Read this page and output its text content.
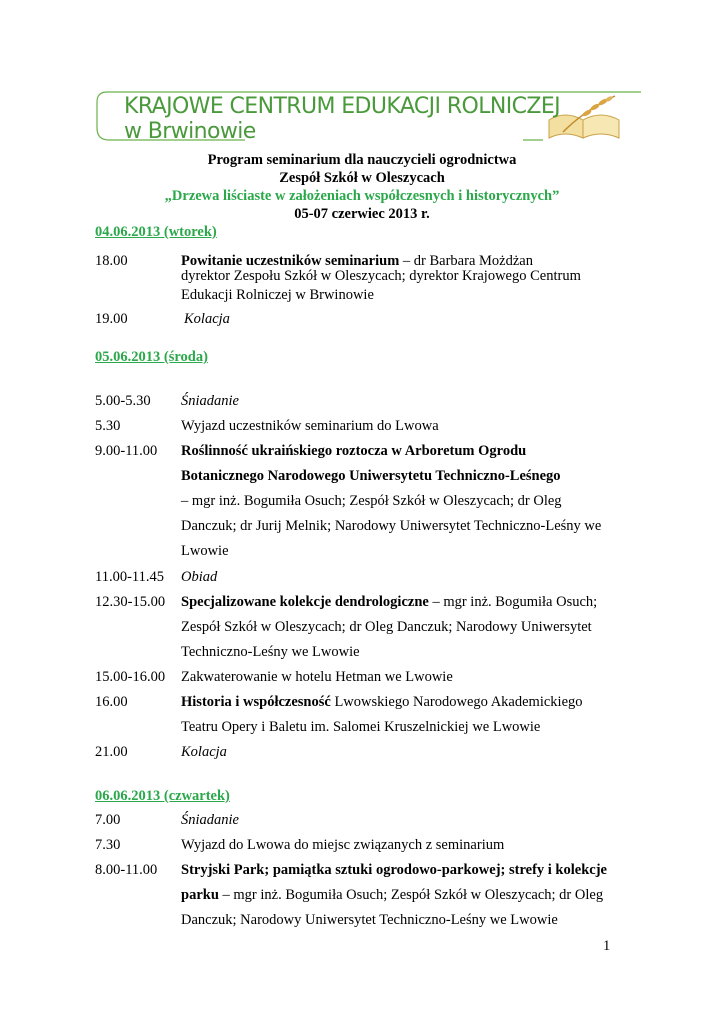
KRAJOWE CENTRUM EDUKACJI ROLNICZEJ
w Brwinowie
Program seminarium dla nauczycieli ogrodnictwa
Zespół Szkół w Oleszycach
„Drzewa liściaste w założeniach współczesnych i historycznych”
05-07 czerwiec 2013 r.
04.06.2013 (wtorek)
18.00	Powitanie uczestników seminarium – dr Barbara Możdżan
dyrektor Zespołu Szkół w Oleszycach; dyrektor Krajowego Centrum
Edukacji Rolniczej w Brwinowie
19.00	Kolacja
05.06.2013 (środa)
5.00-5.30 Śniadanie
5.30	Wyjazd uczestników seminarium do Lwowa
9.00-11.00 Roślinność ukraińskiego roztocza w Arboretum Ogrodu
Botanicznego Narodowego Uniwersytetu Techniczno-Leśnego
– mgr inż. Bogumiła Osuch; Zespół Szkół w Oleszycach; dr Oleg
Danczuk; dr Jurij Melnik; Narodowy Uniwersytet Techniczno-Leśny we
Lwowie
11.00-11.45 Obiad
12.30-15.00 Specjalizowane kolekcje dendrologiczne – mgr inż. Bogumiła Osuch;
Zespół Szkół w Oleszycach; dr Oleg Danczuk; Narodowy Uniwersytet
Techniczno-Leśny we Lwowie
15.00-16.00 Zakwaterowanie w hotelu Hetman we Lwowie
16.00	Historia i współczesność Lwowskiego Narodowego Akademickiego
Teatru Opery i Baletu im. Salomei Kruszelnickiej we Lwowie
21.00	Kolacja
06.06.2013 (czwartek)
7.00	Śniadanie
7.30	Wyjazd do Lwowa do miejsc związanych z seminarium
8.00-11.00 Stryjski Park; pamiątka sztuki ogrodowo-parkowej; strefy i kolekcje
parku – mgr inż. Bogumiła Osuch; Zespół Szkół w Oleszycach; dr Oleg
Danczuk; Narodowy Uniwersytet Techniczno-Leśny we Lwowie
1
